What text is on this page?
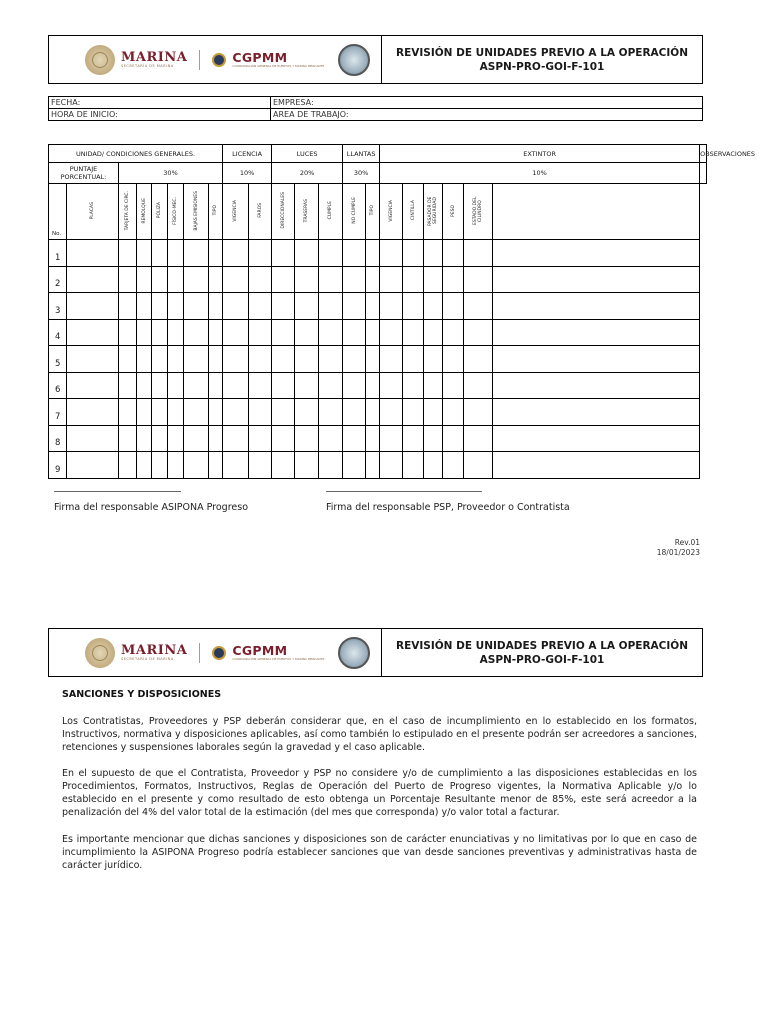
MARINA
SECRETARÍA DE MARINA
CGPMM
COORDINACIÓN GENERAL DE PUERTOS Y MARINA MERCANTE
REVISIÓN DE UNIDADES PREVIO A LA OPERACIÓN
ASPN-PRO-GOI-F-101
FECHA:	EMPRESA:
HORA DE INICIO:	AREA DE TRABAJO:
UNIDAD/ CONDICIONES GENERALES.								LICENCIA		LUCES			LLANTAS		EXTINTOR						OBSERVACIONES
PUNTAJE PORCENTUAL:		30%						10%		20%			30%		10%						

No.	PLACAS	TARJETA DE CIRC.	REMOLQUE	PÓLIZA	FÍSICO-MEC.	BAJAS EMISIONES	TIPO	VIGENCIA	FAROS	DIRECCIONALES	TRASERAS	CUMPLE	NO CUMPLE	TIPO	VIGENCIA	CINTILLA	PASADOR DE SEGURIDAD	PESO	ESTADO DEL CILINDRO		
1																					
2																					
3																					
4																					
5																					
6																					
7																					
8																					
9																					
Firma del responsable ASIPONA Progreso	Firma del responsable PSP, Proveedor o Contratista
Rev.01
18/01/2023
MARINA
SECRETARÍA DE MARINA
CGPMM
COORDINACIÓN GENERAL DE PUERTOS Y MARINA MERCANTE
REVISIÓN DE UNIDADES PREVIO A LA OPERACIÓN
ASPN-PRO-GOI-F-101
SANCIONES Y DISPOSICIONES
Los Contratistas, Proveedores y PSP deberán considerar que, en el caso de incumplimiento en lo establecido en los formatos, Instructivos, normativa y disposiciones aplicables, así como también lo estipulado en el presente podrán ser acreedores a sanciones, retenciones y suspensiones laborales según la gravedad y el caso aplicable.
En el supuesto de que el Contratista, Proveedor y PSP no considere y/o de cumplimiento a las disposiciones establecidas en los Procedimientos, Formatos, Instructivos, Reglas de Operación del Puerto de Progreso vigentes, la Normativa Aplicable y/o lo establecido en el presente y como resultado de esto obtenga un Porcentaje Resultante menor de 85%, este será acreedor a la penalización del 4% del valor total de la estimación (del mes que corresponda) y/o valor total a facturar.
Es importante mencionar que dichas sanciones y disposiciones son de carácter enunciativas y no limitativas por lo que en caso de incumplimiento la ASIPONA Progreso podría establecer sanciones que van desde sanciones preventivas y administrativas hasta de carácter jurídico.
